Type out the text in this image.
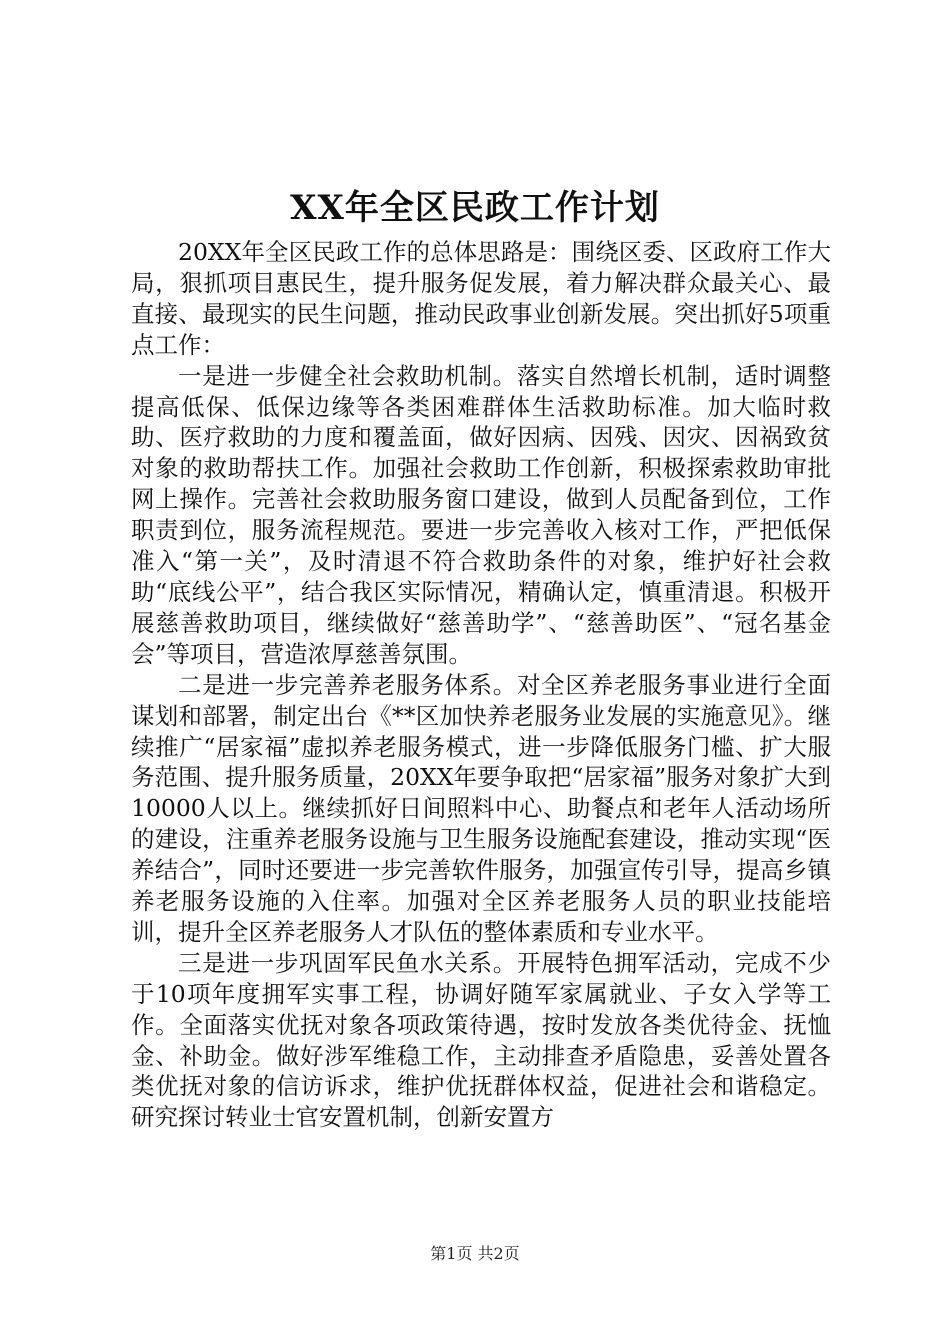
XX年全区民政工作计划

20XX年全区民政工作的总体思路是：围绕区委、区政府工作大局，狠抓项目惠民生，提升服务促发展，着力解决群众最关心、最直接、最现实的民生问题，推动民政事业创新发展。突出抓好5项重点工作：

一是进一步健全社会救助机制。落实自然增长机制，适时调整提高低保、低保边缘等各类困难群体生活救助标准。加大临时救助、医疗救助的力度和覆盖面，做好因病、因残、因灾、因祸致贫对象的救助帮扶工作。加强社会救助工作创新，积极探索救助审批网上操作。完善社会救助服务窗口建设，做到人员配备到位，工作职责到位，服务流程规范。要进一步完善收入核对工作，严把低保准入“第一关”，及时清退不符合救助条件的对象，维护好社会救助“底线公平”，结合我区实际情况，精确认定，慎重清退。积极开展慈善救助项目，继续做好“慈善助学”、“慈善助医”、“冠名基金会”等项目，营造浓厚慈善氛围。

二是进一步完善养老服务体系。对全区养老服务事业进行全面谋划和部署，制定出台《**区加快养老服务业发展的实施意见》。继续推广“居家福”虚拟养老服务模式，进一步降低服务门槛、扩大服务范围、提升服务质量，20XX年要争取把“居家福”服务对象扩大到10000人以上。继续抓好日间照料中心、助餐点和老年人活动场所的建设，注重养老服务设施与卫生服务设施配套建设，推动实现“医养结合”，同时还要进一步完善软件服务，加强宣传引导，提高乡镇养老服务设施的入住率。加强对全区养老服务人员的职业技能培训，提升全区养老服务人才队伍的整体素质和专业水平。

三是进一步巩固军民鱼水关系。开展特色拥军活动，完成不少于10项年度拥军实事工程，协调好随军家属就业、子女入学等工作。全面落实优抚对象各项政策待遇，按时发放各类优待金、抚恤金、补助金。做好涉军维稳工作，主动排查矛盾隐患，妥善处置各类优抚对象的信访诉求，维护优抚群体权益，促进社会和谐稳定。研究探讨转业士官安置机制，创新安置方

第1页 共2页
